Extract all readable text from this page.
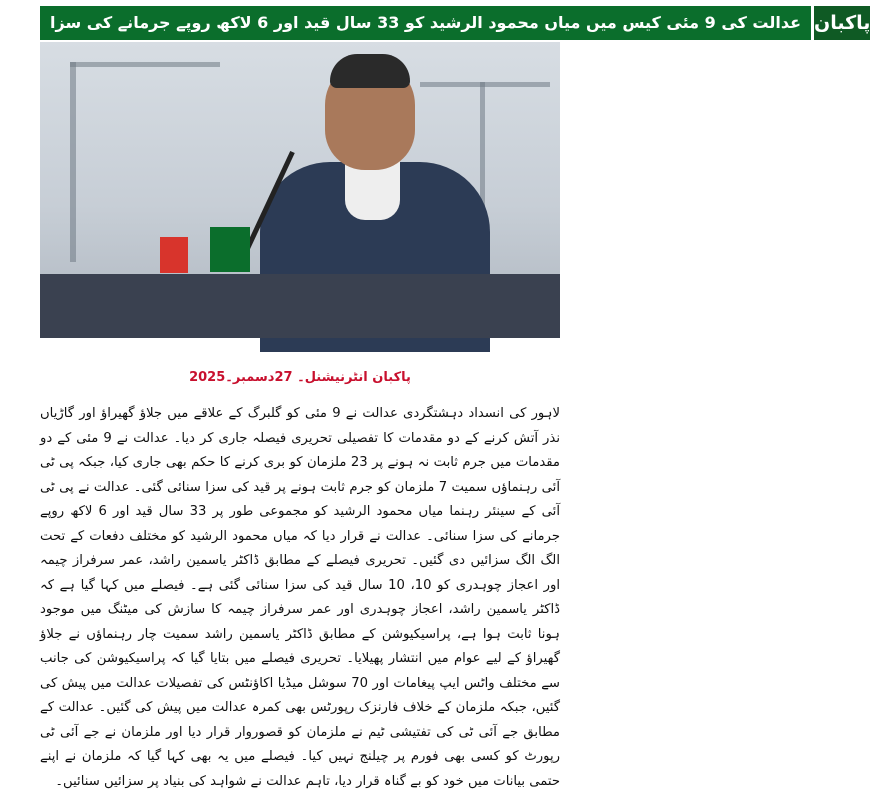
عدالت کی 9 مئی کیس میں میاں محمود الرشید کو 33 سال قید اور 6 لاکھ روپے جرمانے کی سزا پاکبان
پاکبان انٹرنیشنل۔ 27دسمبر۔2025

لاہور کی انسداد دہشتگردی عدالت نے 9 مئی کو گلبرگ کے علاقے میں جلاؤ گھیراؤ اور گاڑیاں نذر آتش کرنے کے دو مقدمات کا تفصیلی تحریری فیصلہ جاری کر دیا۔ عدالت نے 9 مئی کے دو مقدمات میں جرم ثابت نہ ہونے پر 23 ملزمان کو بری کرنے کا حکم بھی جاری کیا، جبکہ پی ٹی آئی رہنماؤں سمیت 7 ملزمان کو جرم ثابت ہونے پر قید کی سزا سنائی گئی۔ عدالت نے پی ٹی آئی کے سینئر رہنما میاں محمود الرشید کو مجموعی طور پر 33 سال قید اور 6 لاکھ روپے جرمانے کی سزا سنائی۔ عدالت نے قرار دیا کہ میاں محمود الرشید کو مختلف دفعات کے تحت الگ الگ سزائیں دی گئیں۔ تحریری فیصلے کے مطابق ڈاکٹر یاسمین راشد، عمر سرفراز چیمہ اور اعجاز چوہدری کو 10، 10 سال قید کی سزا سنائی گئی ہے۔ فیصلے میں کہا گیا ہے کہ ڈاکٹر یاسمین راشد، اعجاز چوہدری اور عمر سرفراز چیمہ کا سازش کی میٹنگ میں موجود ہونا ثابت ہوا ہے، پراسیکیوشن کے مطابق ڈاکٹر یاسمین راشد سمیت چار رہنماؤں نے جلاؤ گھیراؤ کے لیے عوام میں انتشار پھیلایا۔ تحریری فیصلے میں بتایا گیا کہ پراسیکیوشن کی جانب سے مختلف واٹس ایپ پیغامات اور 70 سوشل میڈیا اکاؤنٹس کی تفصیلات عدالت میں پیش کی گئیں، جبکہ ملزمان کے خلاف فارنزک رپورٹس بھی کمرہ عدالت میں پیش کی گئیں۔ عدالت کے مطابق جے آئی ٹی کی تفتیشی ٹیم نے ملزمان کو قصوروار قرار دیا اور ملزمان نے جے آئی ٹی رپورٹ کو کسی بھی فورم پر چیلنج نہیں کیا۔ فیصلے میں یہ بھی کہا گیا کہ ملزمان نے اپنے حتمی بیانات میں خود کو بے گناہ قرار دیا، تاہم عدالت نے شواہد کی بنیاد پر سزائیں سنائیں۔
